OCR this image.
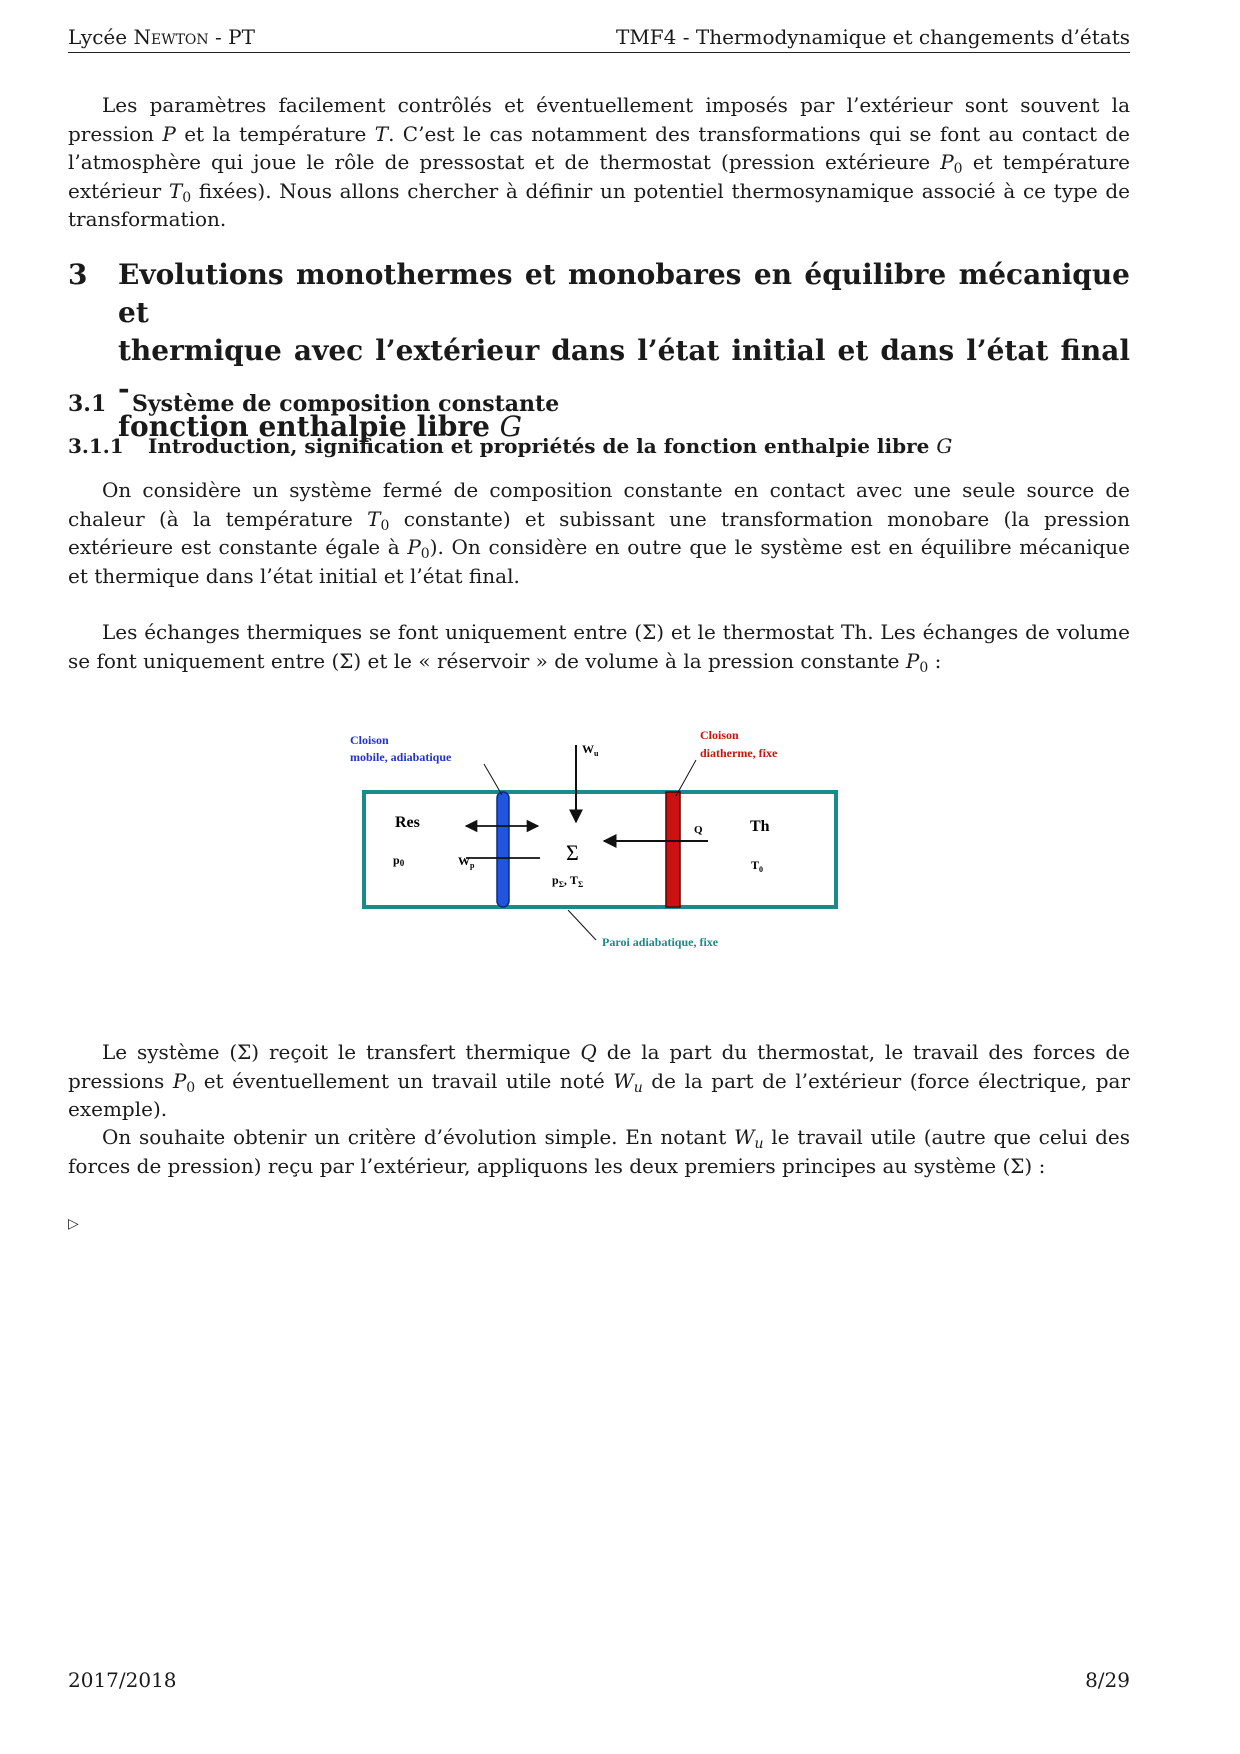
Lycée Newton - PT	TMF4 - Thermodynamique et changements d’états

Les paramètres facilement contrôlés et éventuellement imposés par l’extérieur sont souvent la pression P et la température T. C’est le cas notamment des transformations qui se font au contact de l’atmosphère qui joue le rôle de pressostat et de thermostat (pression extérieure $P_0$ et température extérieur $T_0$ fixées). Nous allons chercher à définir un potentiel thermosynamique associé à ce type de transformation.

3 Evolutions monothermes et monobares en équilibre mécanique et
thermique avec l’extérieur dans l’état initial et dans l’état final -
fonction enthalpie libre G
3.1 Système de composition constante
3.1.1 Introduction, signification et propriétés de la fonction enthalpie libre G

On considère un système fermé de composition constante en contact avec une seule source de chaleur (à la température $T_0$ constante) et subissant une transformation monobare (la pression extérieure est constante égale à $P_0$). On considère en outre que le système est en équilibre mécanique et thermique dans l’état initial et l’état final.

Les échanges thermiques se font uniquement entre (Σ) et le thermostat Th. Les échanges de volume se font uniquement entre (Σ) et le « réservoir » de volume à la pression constante $P_0$ :

Cloison
mobile, adiabatique
Cloison
diatherme, fixe
$W_u$
Res
p0	$W_p$
Σ
$p_\Sigma$, $T_\Sigma$
Q	Th
$T_0$
Paroi adiabatique, fixe

Le système (Σ) reçoit le transfert thermique Q de la part du thermostat, le travail des forces de pressions $P_0$ et éventuellement un travail utile noté $W_u$ de la part de l’extérieur (force électrique, par exemple).

On souhaite obtenir un critère d’évolution simple. En notant $W_u$ le travail utile (autre que celui des forces de pression) reçu par l’extérieur, appliquons les deux premiers principes au système (Σ) :

▷
2017/2018	8/29
